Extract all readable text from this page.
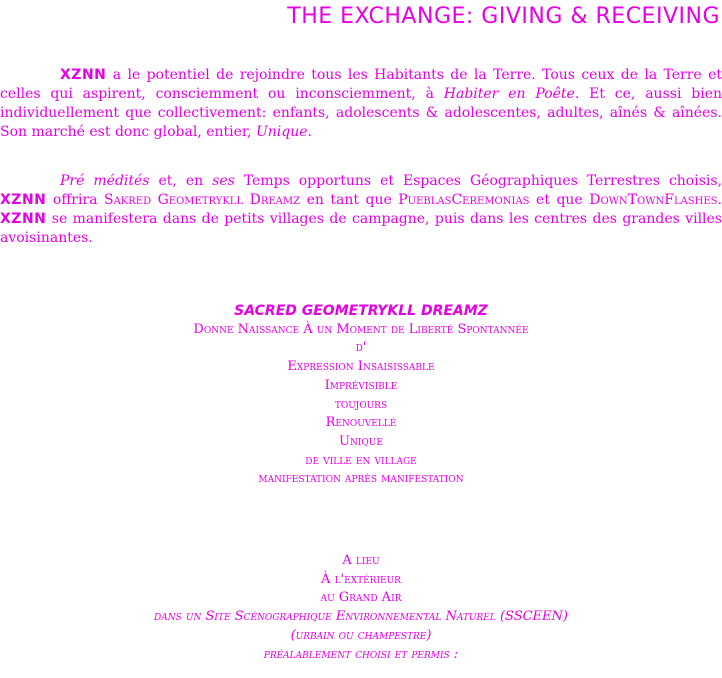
THE EXCHANGE: GIVING & RECEIVING

XZNN a le potentiel de rejoindre tous les Habitants de la Terre. Tous ceux de la Terre et celles qui aspirent, consciemment ou inconsciemment, à Habiter en Poête. Et ce, aussi bien individuellement que collectivement: enfants, adolescents & adolescentes, adultes, aînés & aînées. Son marché est donc global, entier, Unique.

Pré médités et, en ses Temps opportuns et Espaces Géographiques Terrestres choisis, XZNN offrira Sakred Geometrykll Dreamz en tant que PueblasCeremonias et que DownTownFlashes. XZNN se manifestera dans de petits villages de campagne, puis dans les centres des grandes villes avoisinantes.

SACRED GEOMETRYKLL DREAMZ
Donne Naissance À un Moment de Liberté Spontannée
d'
Expression Insaisissable
Imprévisible
toujours
Renouvellé
Unique
de ville en village
manifestation après manifestation
A lieu
À l'extérieur
au Grand Air
dans un Site Scénographique Environnemental Naturel (SSCEEN)
(urbain ou champestre)
préalablement choisi et permis :
